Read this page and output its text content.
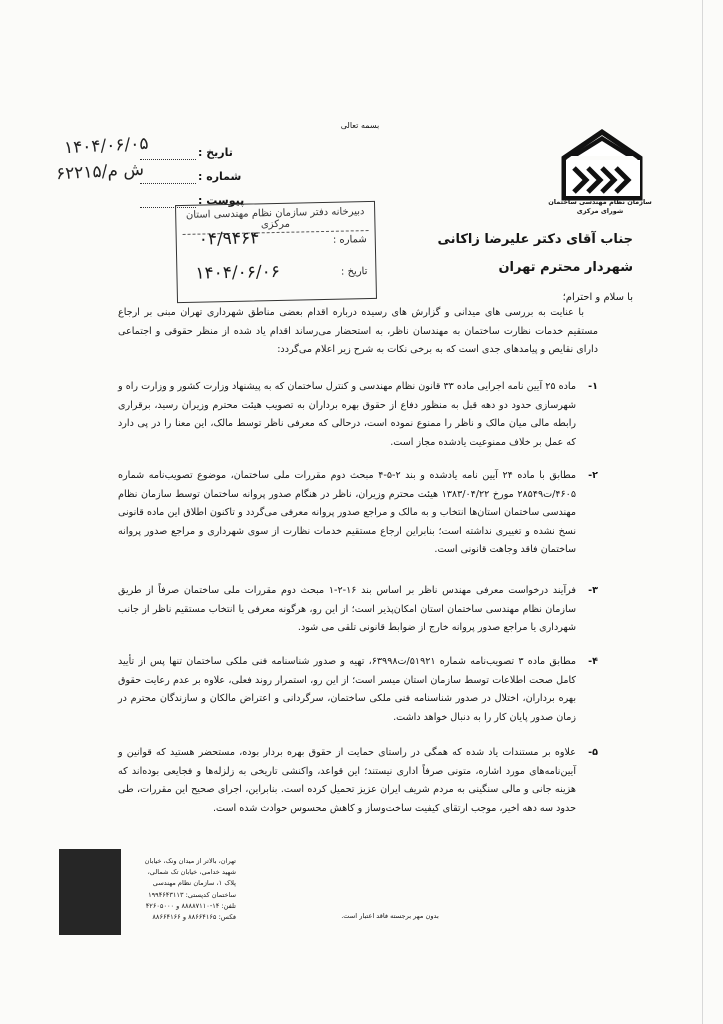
بسمه تعالی
سازمان نظام مهندسی ساختمان
شورای مرکزی
تاریخ :
۱۴۰۴/۰۶/۰۵
شماره :
۶۲۲۱۵/ش م
پیوست :
دبیرخانه دفتر سازمان نظام مهندسی استان مرکزی
شماره :
۰۴/۹۴۶۴
تاریخ :
۱۴۰۴/۰۶/۰۶
جناب آقای دکتر علیرضا زاکانی
شهردار محترم تهران
با سلام و احترام؛
با عنایت به بررسی های میدانی و گزارش های رسیده درباره اقدام بعضی مناطق شهرداری تهران مبنی بر ارجاع مستقیم خدمات نظارت ساختمان به مهندسان ناظر، به استحضار می‌رساند اقدام یاد شده از منظر حقوقی و اجتماعی دارای نقایص و پیامدهای جدی است که به برخی نکات به شرح زیر اعلام می‌گردد:
۱-
ماده ۲۵ آیین نامه اجرایی ماده ۳۳ قانون نظام مهندسی و کنترل ساختمان که به پیشنهاد وزارت کشور و وزارت راه و شهرسازی حدود دو دهه قبل به منظور دفاع از حقوق بهره برداران به تصویب هیئت محترم وزیران رسید، برقراری رابطه مالی میان مالک و ناظر را ممنوع نموده است، درحالی که معرفی ناظر توسط مالک، این معنا را در پی دارد که عمل بر خلاف ممنوعیت یادشده مجاز است.
۲-
مطابق با ماده ۲۴ آیین نامه یادشده و بند ۲-۵-۴ مبحث دوم مقررات ملی ساختمان، موضوع تصویب‌نامه شماره ۴۶۰۵/ت۲۸۵۴۹ مورخ ۱۳۸۳/۰۴/۲۲ هیئت محترم وزیران، ناظر در هنگام صدور پروانه ساختمان توسط سازمان نظام مهندسی ساختمان استان‌ها انتخاب و به مالک و مراجع صدور پروانه معرفی می‌گردد و تاکنون اطلاق این ماده قانونی نسخ نشده و تغییری نداشته است؛ بنابراین ارجاع مستقیم خدمات نظارت از سوی شهرداری و مراجع صدور پروانه ساختمان فاقد وجاهت قانونی است.
۳-
فرآیند درخواست معرفی مهندس ناظر بر اساس بند ۱۶-۲-۱ مبحث دوم مقررات ملی ساختمان صرفاً از طریق سازمان نظام مهندسی ساختمان استان امکان‌پذیر است؛ از این رو، هرگونه معرفی یا انتخاب مستقیم ناظر از جانب شهرداری یا مراجع صدور پروانه خارج از ضوابط قانونی تلقی می شود.
۴-
مطابق ماده ۳ تصویب‌نامه شماره ۵۱۹۲۱/ت۶۳۹۹۸، تهیه و صدور شناسنامه فنی ملکی ساختمان تنها پس از تأیید کامل صحت اطلاعات توسط سازمان استان میسر است؛ از این رو، استمرار روند فعلی، علاوه بر عدم رعایت حقوق بهره برداران، اختلال در صدور شناسنامه فنی ملکی ساختمان، سرگردانی و اعتراض مالکان و سازندگان محترم در زمان صدور پایان کار را به دنبال خواهد داشت.
۵-
علاوه بر مستندات یاد شده که همگی در راستای حمایت از حقوق بهره بردار بوده، مستحضر هستید که قوانین و آیین‌نامه‌های مورد اشاره، متونی صرفاً اداری نیستند؛ این قواعد، واکنشی تاریخی به زلزله‌ها و فجایعی بوده‌اند که هزینه جانی و مالی سنگینی به مردم شریف ایران عزیز تحمیل کرده است. بنابراین، اجرای صحیح این مقررات، طی حدود سه دهه اخیر، موجب ارتقای کیفیت ساخت‌وساز و کاهش محسوس حوادث شده است.
تهران، بالاتر از میدان ونک، خیابان
شهید خدامی، خیابان تک شمالی،
پلاک ۱، سازمان نظام مهندسی
ساختمان کدپستی: ۱۹۹۴۶۴۳۱۱۳
تلفن: ۱۴-۸۸۸۸۷۱۱۰ و ۴۲۶۰۵۰۰۰
فکس: ۸۸۶۶۴۱۶۵ و ۸۸۶۶۴۱۶۶	بدون مهر برجسته فاقد اعتبار است.
